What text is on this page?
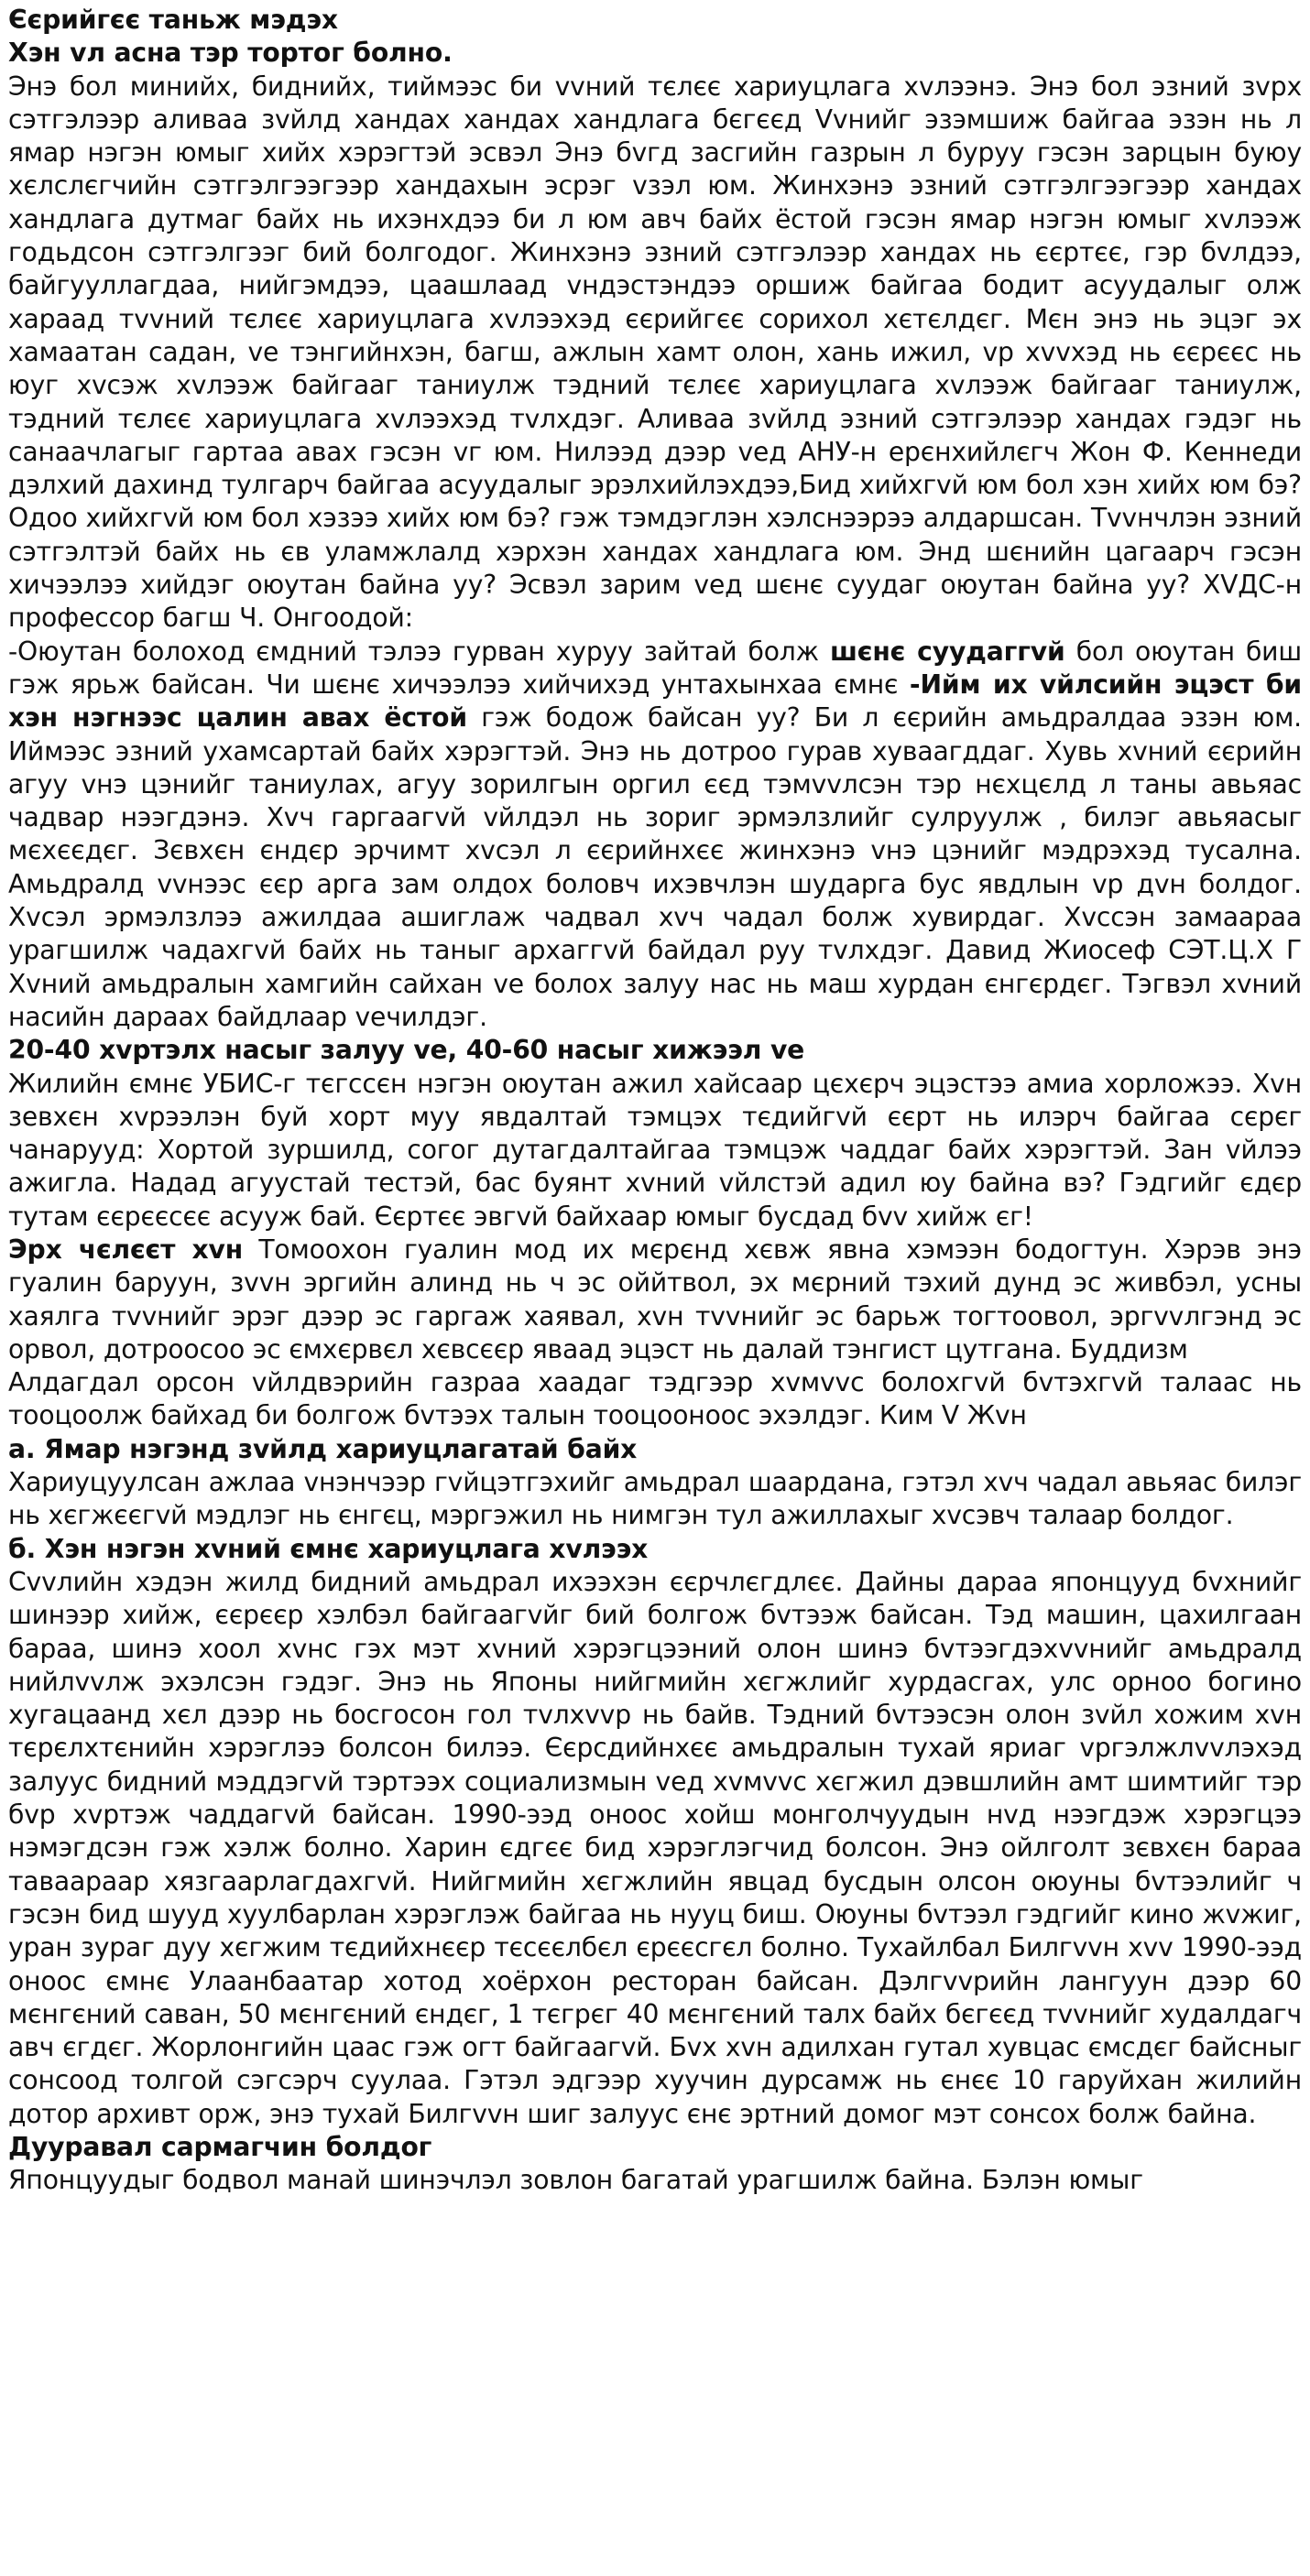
Єєрийгєє таньж мэдэх
Хэн vл асна тэр тортог болно.

Энэ бол минийх, биднийх, тиймээс би vvний тєлєє хариуцлага хvлээнэ. Энэ бол эзний зvрх сэтгэлээр аливаа зvйлд хандах хандах хандлага бєгєєд Vvнийг эзэмшиж байгаа эзэн нь л ямар нэгэн юмыг хийх хэрэгтэй эсвэл Энэ бvгд засгийн газрын л буруу гэсэн зарцын буюу хєлслєгчийн сэтгэлгээгээр хандахын эсрэг vзэл юм. Жинхэнэ эзний сэтгэлгээгээр хандах хандлага дутмаг байх нь ихэнхдээ би л юм авч байх ёстой гэсэн ямар нэгэн юмыг хvлээж годьдсон сэтгэлгээг бий болгодог. Жинхэнэ эзний сэтгэлээр хандах нь єєртєє, гэр бvлдээ, байгууллагдаа, нийгэмдээ, цаашлаад vндэстэндээ оршиж байгаа бодит асуудалыг олж хараад тvvний тєлєє хариуцлага хvлээхэд єєрийгєє сорихол хєтєлдєг. Мєн энэ нь эцэг эх хамаатан садан, vе тэнгийнхэн, багш, ажлын хамт олон, хань ижил, vр хvvхэд нь єєрєєс нь юуг хvсэж хvлээж байгааг таниулж тэдний тєлєє хариуцлага хvлээж байгааг таниулж, тэдний тєлєє хариуцлага хvлээхэд тvлхдэг. Аливаа зvйлд эзний сэтгэлээр хандах гэдэг нь санаачлагыг гартаа авах гэсэн vг юм. Нилээд дээр vед АНУ-н ерєнхийлєгч Жон Ф. Кеннеди дэлхий дахинд тулгарч байгаа асуудалыг эрэлхийлэхдээ,Бид хийхгvй юм бол хэн хийх юм бэ? Одоо хийхгvй юм бол хэзээ хийх юм бэ? гэж тэмдэглэн хэлснээрээ алдаршсан. Тvvнчлэн эзний сэтгэлтэй байх нь єв уламжлалд хэрхэн хандах хандлага юм. Энд шєнийн цагаарч гэсэн хичээлээ хийдэг оюутан байна уу? Эсвэл зарим vед шєнє суудаг оюутан байна уу? ХVДС-н профессор багш Ч. Онгоодой:

-Оюутан болоход ємдний тэлээ гурван хуруу зайтай болж шєнє суудаггvй бол оюутан биш гэж ярьж байсан. Чи шєнє хичээлээ хийчихэд унтахынхаа ємнє -Ийм их vйлсийн эцэст би хэн нэгнээс цалин авах ёстой гэж бодож байсан уу? Би л єєрийн амьдралдаа эзэн юм. Иймээс эзний ухамсартай байх хэрэгтэй. Энэ нь дотроо гурав хуваагддаг. Хувь хvний єєрийн агуу vнэ цэнийг таниулах, агуу зорилгын оргил єєд тэмvvлсэн тэр нєхцєлд л таны авьяас чадвар нээгдэнэ. Хvч гаргаагvй vйлдэл нь зориг эрмэлзлийг сулруулж , билэг авьяасыг мєхєєдєг. Зєвхєн єндєр эрчимт хvсэл л єєрийнхєє жинхэнэ vнэ цэнийг мэдрэхэд тусална. Амьдралд vvнээс єєр арга зам олдох боловч ихэвчлэн шударга бус явдлын vр дvн болдог. Хvсэл эрмэлзлээ ажилдаа ашиглаж чадвал хvч чадал болж хувирдаг. Хvссэн замаараа урагшилж чадахгvй байх нь таныг архаггvй байдал руу тvлхдэг. Давид Жиосеф СЭТ.Ц.Х Г Хvний амьдралын хамгийн сайхан vе болох залуу нас нь маш хурдан єнгєрдєг. Тэгвэл хvний насийн дараах байдлаар vечилдэг.

20-40 хvртэлх насыг залуу vе, 40-60 насыг хижээл vе

Жилийн ємнє УБИС-г тєгссєн нэгэн оюутан ажил хайсаар цєхєрч эцэстээ амиа хорложээ. Хvн зевхєн хvрээлэн буй хорт муу явдалтай тэмцэх тєдийгvй єєрт нь илэрч байгаа сєрєг чанарууд: Хортой зуршилд, согог дутагдалтайгаа тэмцэж чаддаг байх хэрэгтэй. Зан vйлээ ажигла. Надад агуустай тестэй, бас буянт хvний vйлстэй адил юу байна вэ? Гэдгийг єдєр тутам єєрєєсєє асууж бай. Єєртєє эвгvй байхаар юмыг бусдад бvv хийж єг!

Эрх чєлєєт хvн Томоохон гуалин мод их мєрєнд хєвж явна хэмээн бодогтун. Хэрэв энэ гуалин баруун, зvvн эргийн алинд нь ч эс оййтвол, эх мєрний тэхий дунд эс живбэл, усны хаялга тvvнийг эрэг дээр эс гаргаж хаявал, хvн тvvнийг эс барьж тогтоовол, эргvvлгэнд эс орвол, дотроосоо эс ємхєрвєл хєвсєєр яваад эцэст нь далай тэнгист цутгана. Буддизм

Алдагдал орсон vйлдвэрийн газраа хаадаг тэдгээр хvмvvс болохгvй бvтэхгvй талаас нь тооцоолж байхад би болгож бvтээх талын тооцооноос эхэлдэг. Ким V Жvн

а. Ямар нэгэнд зvйлд хариуцлагатай байх

Хариуцуулсан ажлаа vнэнчээр гvйцэтгэхийг амьдрал шаардана, гэтэл хvч чадал авьяас билэг нь хєгжєєгvй мэдлэг нь єнгєц, мэргэжил нь нимгэн тул ажиллахыг хvсэвч талаар болдог.

б. Хэн нэгэн хvний ємнє хариуцлага хvлээх

Сvvлийн хэдэн жилд бидний амьдрал ихээхэн єєрчлєгдлєє. Дайны дараа японцууд бvхнийг шинээр хийж, єєрєєр хэлбэл байгаагvйг бий болгож бvтээж байсан. Тэд машин, цахилгаан бараа, шинэ хоол хvнс гэх мэт хvний хэрэгцээний олон шинэ бvтээгдэхvvнийг амьдралд нийлvvлж эхэлсэн гэдэг. Энэ нь Японы нийгмийн хєгжлийг хурдасгах, улс орноо богино хугацаанд хєл дээр нь босгосон гол тvлхvvр нь байв. Тэдний бvтээсэн олон зvйл хожим хvн тєрєлхтєнийн хэрэглээ болсон билээ. Єєрсдийнхєє амьдралын тухай яриаг vргэлжлvvлэхэд залуус бидний мэддэгvй тэртээх социализмын vед хvмvvс хєгжил дэвшлийн амт шимтийг тэр бvр хvртэж чаддагvй байсан. 1990-ээд оноос хойш монголчуудын нvд нээгдэж хэрэгцээ нэмэгдсэн гэж хэлж болно. Харин єдгєє бид хэрэглэгчид болсон. Энэ ойлголт зєвхєн бараа таваараар хязгаарлагдахгvй. Нийгмийн хєгжлийн явцад бусдын олсон оюуны бvтээлийг ч гэсэн бид шууд хуулбарлан хэрэглэж байгаа нь нууц биш. Оюуны бvтээл гэдгийг кино жvжиг, уран зураг дуу хєгжим тєдийхнєєр тєсєєлбєл єрєєсгєл болно. Тухайлбал Билгvvн хvv 1990-ээд оноос ємнє Улаанбаатар хотод хоёрхон ресторан байсан. Дэлгvvрийн лангуун дээр 60 мєнгєний саван, 50 мєнгєний єндєг, 1 тєгрєг 40 мєнгєний талх байх бєгєєд тvvнийг худалдагч авч єгдєг. Жорлонгийн цаас гэж огт байгаагvй. Бvх хvн адилхан гутал хувцас ємсдєг байсныг сонсоод толгой сэгсэрч суулаа. Гэтэл эдгээр хуучин дурсамж нь єнєє 10 гаруйхан жилийн дотор архивт орж, энэ тухай Билгvvн шиг залуус єнє эртний домог мэт сонсох болж байна.

Дууравал сармагчин болдог

Японцуудыг бодвол манай шинэчлэл зовлон багатай урагшилж байна. Бэлэн юмыг
